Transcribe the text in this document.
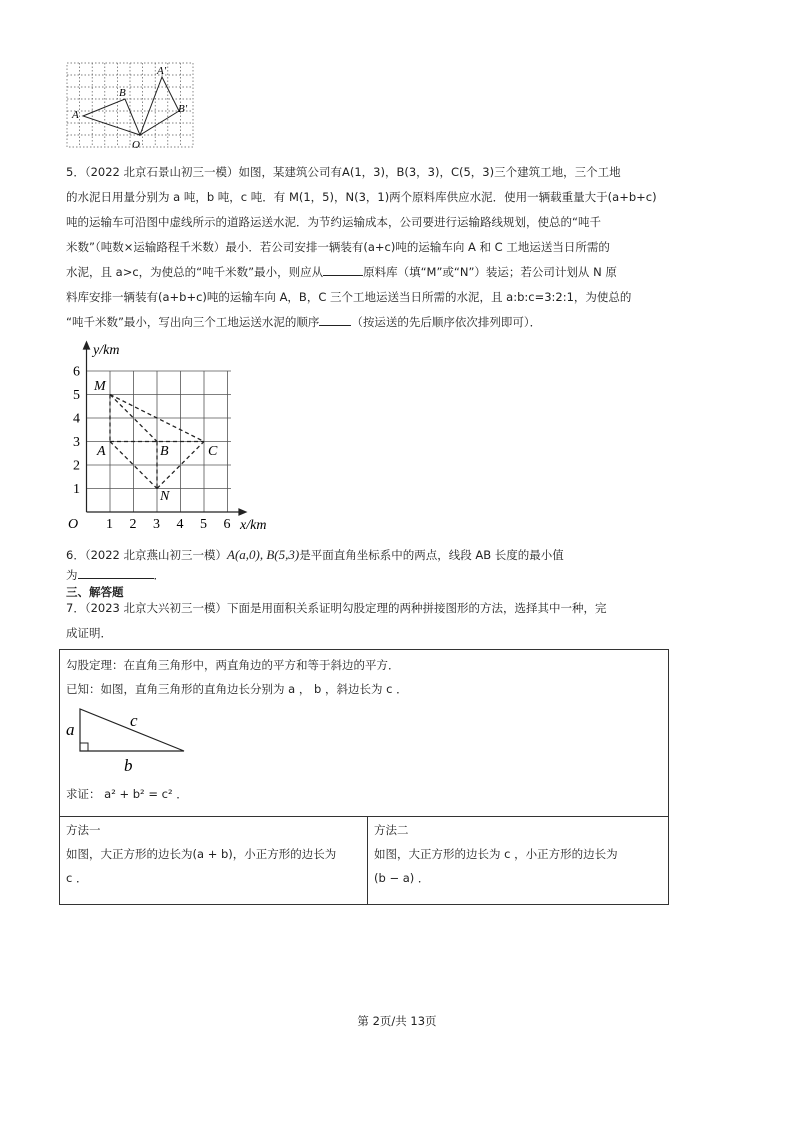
A
B
O
A'
B'
5．（2022 北京石景山初三一模）如图，某建筑公司有A(1，3)，B(3，3)，C(5，3)三个建筑工地，三个工地
的水泥日用量分别为 a 吨，b 吨，c 吨．有 M(1，5)，N(3，1)两个原料库供应水泥．使用一辆载重量大于(a+b+c)
吨的运输车可沿图中虚线所示的道路运送水泥．为节约运输成本，公司要进行运输路线规划，使总的“吨千
米数”（吨数×运输路程千米数）最小．若公司安排一辆装有(a+c)吨的运输车向 A 和 C 工地运送当日所需的
水泥，且 a>c，为使总的“吨千米数”最小，则应从	原料库（填“M”或“N”）装运；若公司计划从 N 原
料库安排一辆装有(a+b+c)吨的运输车向 A，B，C 三个工地运送当日所需的水泥，且 a:b:c=3:2:1，为使总的
“吨千米数”最小，写出向三个工地运送水泥的顺序	（按运送的先后顺序依次排列即可）．
y/km
x/km
O 1 2 3 4 5 6
1
2
3
4
5
6
M
A	B	C
N
6．（2022 北京燕山初三一模）A(a,0), B(5,3)是平面直角坐标系中的两点，线段 AB 长度的最小值
为	．
三、解答题
7．（2023 北京大兴初三一模）下面是用面积关系证明勾股定理的两种拼接图形的方法，选择其中一种，完
成证明．
勾股定理：在直角三角形中，两直角边的平方和等于斜边的平方．
已知：如图，直角三角形的直角边长分别为 a ， b ，斜边长为 c ．
a	c
b
求证： a² + b² = c² ．
方法一
如图，大正方形的边长为(a + b)，小正方形的边长为
c ．
方法二
如图，大正方形的边长为 c ，小正方形的边长为
(b − a) ．
第 2页/共 13页
